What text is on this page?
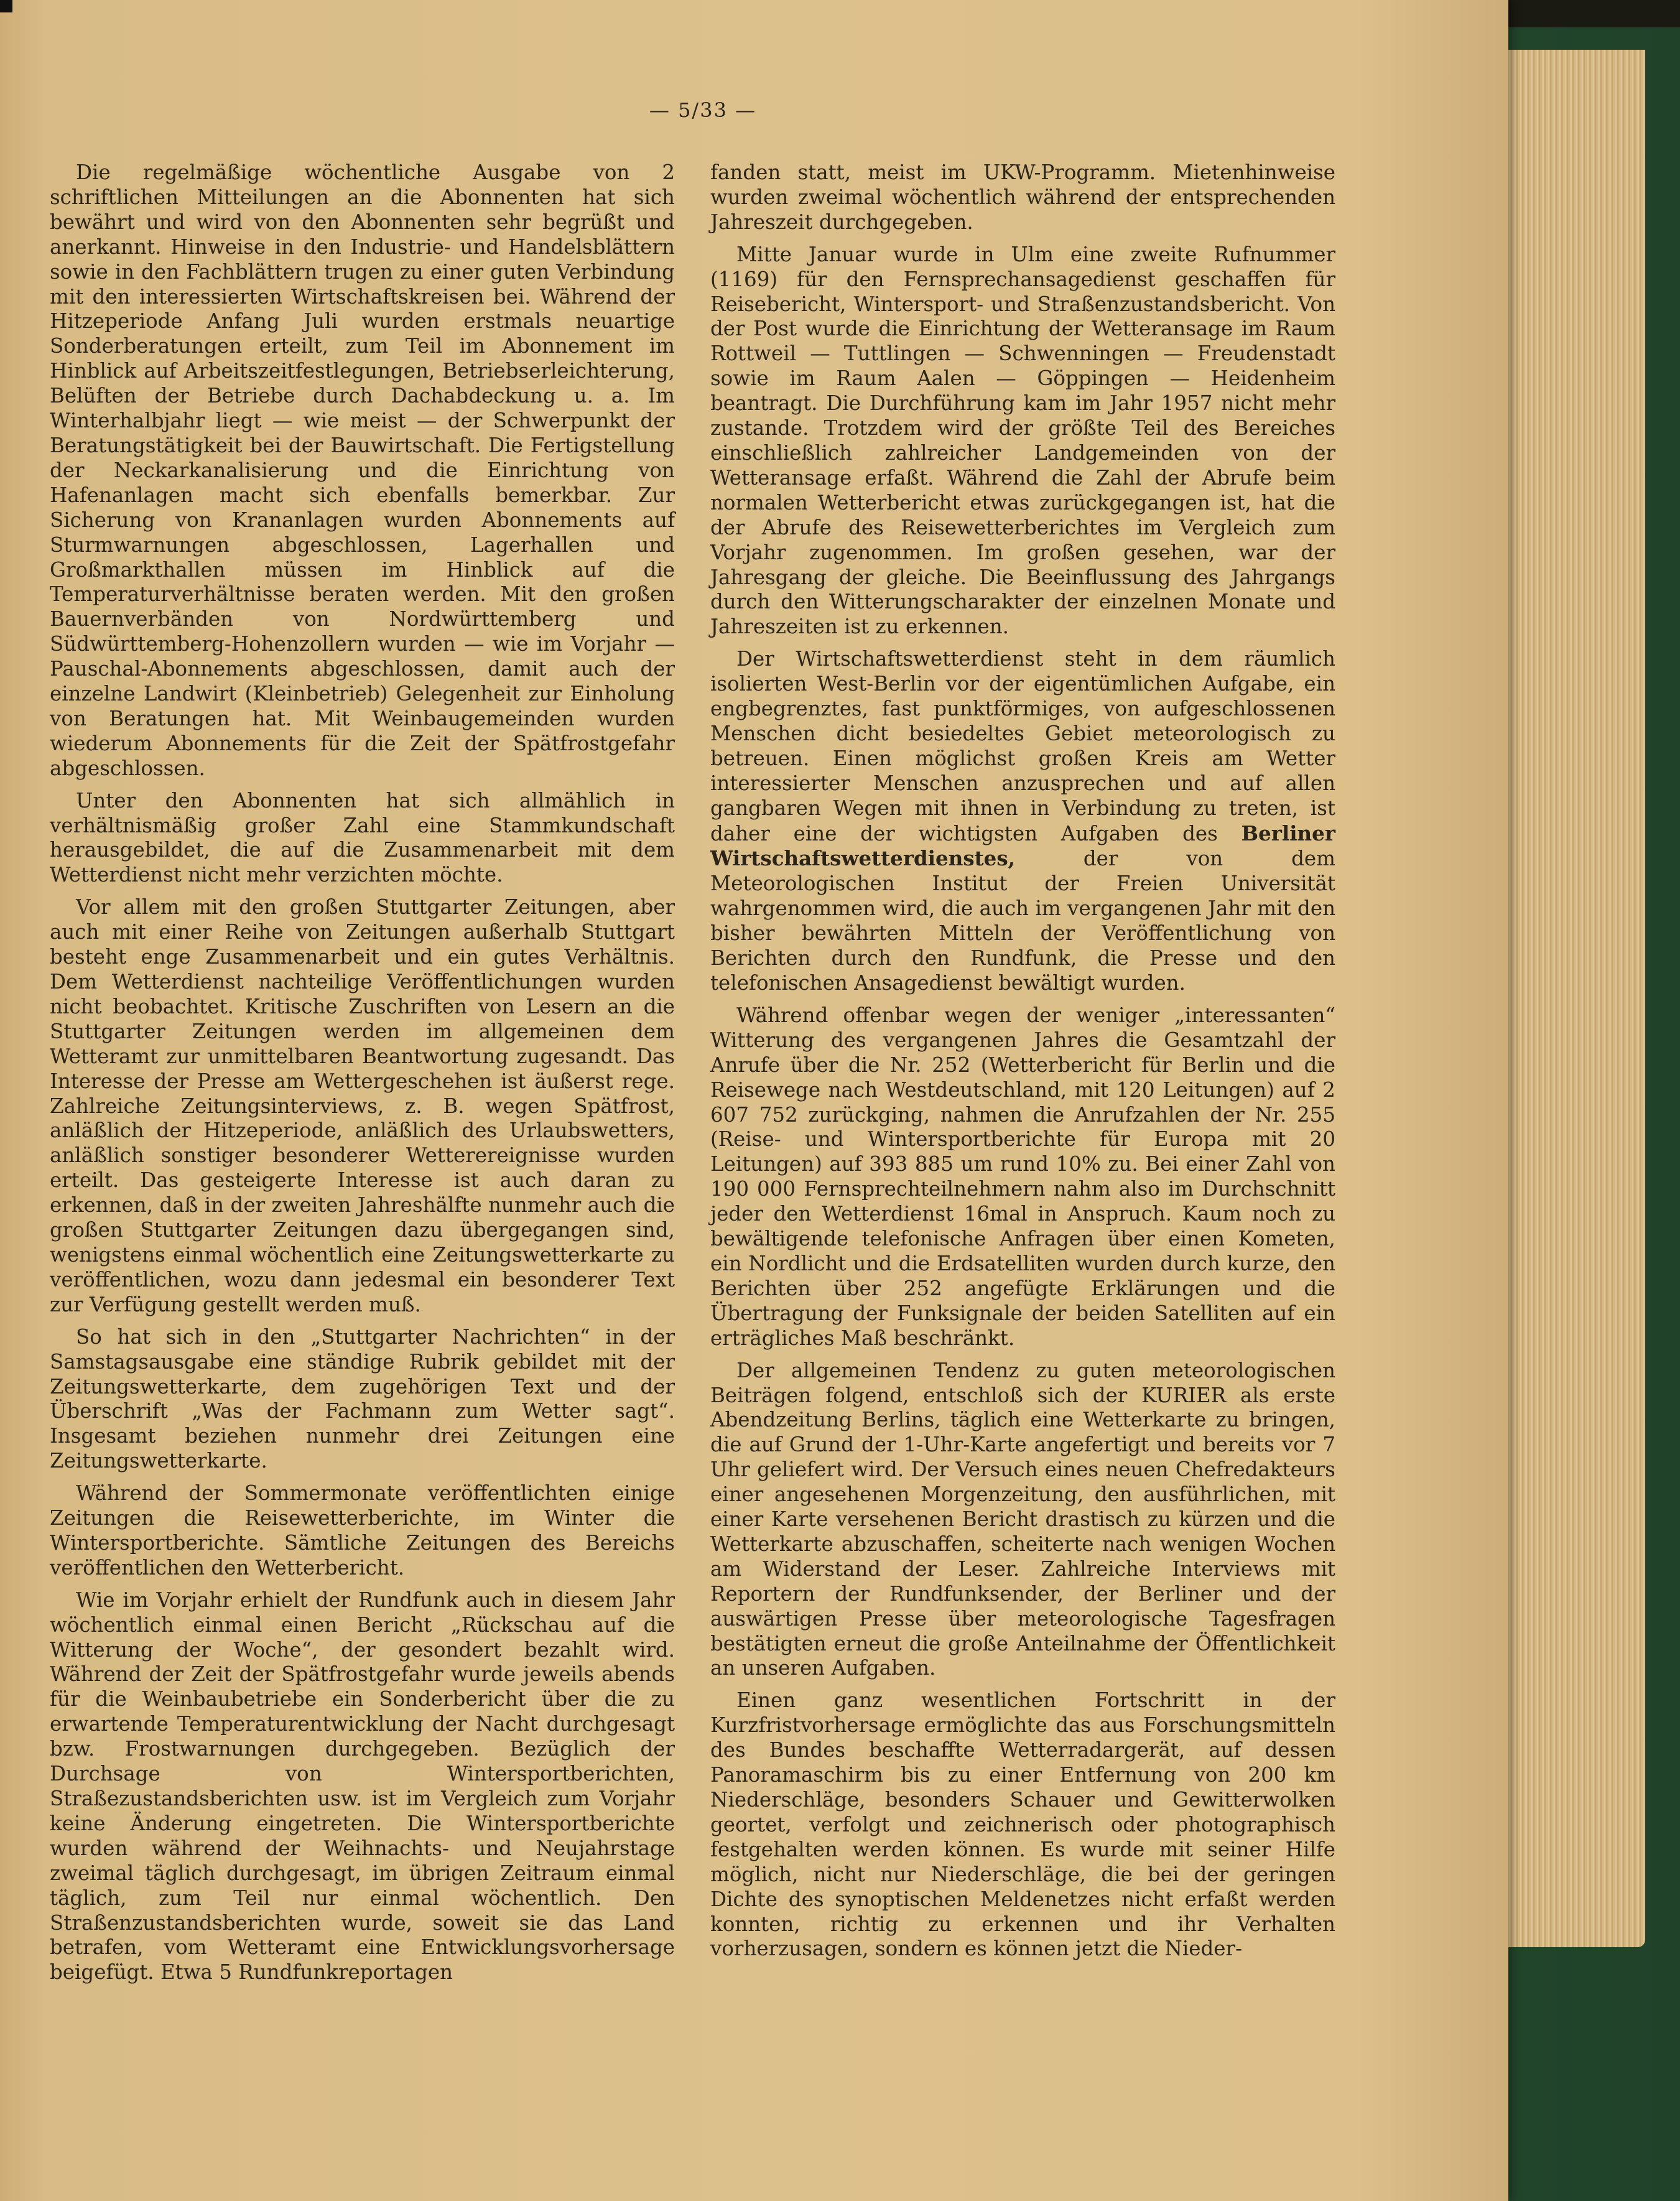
— 5/33 —

Die regelmäßige wöchentliche Ausgabe von 2 schriftlichen Mitteilungen an die Abonnenten hat sich bewährt und wird von den Abonnenten sehr begrüßt und anerkannt. Hinweise in den Industrie- und Handelsblättern sowie in den Fachblättern trugen zu einer guten Verbindung mit den interessierten Wirtschaftskreisen bei. Während der Hitzeperiode Anfang Juli wurden erstmals neuartige Sonderberatungen erteilt, zum Teil im Abonnement im Hinblick auf Arbeitszeitfestlegungen, Betriebserleichterung, Belüften der Betriebe durch Dachabdeckung u. a. Im Winterhalbjahr liegt — wie meist — der Schwerpunkt der Beratungstätigkeit bei der Bauwirtschaft. Die Fertigstellung der Neckarkanalisierung und die Einrichtung von Hafenanlagen macht sich ebenfalls bemerkbar. Zur Sicherung von Krananlagen wurden Abonnements auf Sturmwarnungen abgeschlossen, Lagerhallen und Großmarkthallen müssen im Hinblick auf die Temperaturverhältnisse beraten werden. Mit den großen Bauernverbänden von Nordwürttemberg und Südwürttemberg-Hohenzollern wurden — wie im Vorjahr — Pauschal-Abonnements abgeschlossen, damit auch der einzelne Landwirt (Kleinbetrieb) Gelegenheit zur Einholung von Beratungen hat. Mit Weinbaugemeinden wurden wiederum Abonnements für die Zeit der Spätfrostgefahr abgeschlossen.

Unter den Abonnenten hat sich allmählich in verhältnismäßig großer Zahl eine Stammkundschaft herausgebildet, die auf die Zusammenarbeit mit dem Wetterdienst nicht mehr verzichten möchte.

Vor allem mit den großen Stuttgarter Zeitungen, aber auch mit einer Reihe von Zeitungen außerhalb Stuttgart besteht enge Zusammenarbeit und ein gutes Verhältnis. Dem Wetterdienst nachteilige Veröffentlichungen wurden nicht beobachtet. Kritische Zuschriften von Lesern an die Stuttgarter Zeitungen werden im allgemeinen dem Wetteramt zur unmittelbaren Beantwortung zugesandt. Das Interesse der Presse am Wettergeschehen ist äußerst rege. Zahlreiche Zeitungsinterviews, z. B. wegen Spätfrost, anläßlich der Hitzeperiode, anläßlich des Urlaubswetters, anläßlich sonstiger besonderer Wetterereignisse wurden erteilt. Das gesteigerte Interesse ist auch daran zu erkennen, daß in der zweiten Jahreshälfte nunmehr auch die großen Stuttgarter Zeitungen dazu übergegangen sind, wenigstens einmal wöchentlich eine Zeitungswetterkarte zu veröffentlichen, wozu dann jedesmal ein besonderer Text zur Verfügung gestellt werden muß.

So hat sich in den „Stuttgarter Nachrichten“ in der Samstagsausgabe eine ständige Rubrik gebildet mit der Zeitungswetterkarte, dem zugehörigen Text und der Überschrift „Was der Fachmann zum Wetter sagt“. Insgesamt beziehen nunmehr drei Zeitungen eine Zeitungswetterkarte.

Während der Sommermonate veröffentlichten einige Zeitungen die Reisewetterberichte, im Winter die Wintersportberichte. Sämtliche Zeitungen des Bereichs veröffentlichen den Wetterbericht.

Wie im Vorjahr erhielt der Rundfunk auch in diesem Jahr wöchentlich einmal einen Bericht „Rückschau auf die Witterung der Woche“, der gesondert bezahlt wird. Während der Zeit der Spätfrostgefahr wurde jeweils abends für die Weinbaubetriebe ein Sonderbericht über die zu erwartende Temperaturentwicklung der Nacht durchgesagt bzw. Frostwarnungen durchgegeben. Bezüglich der Durchsage von Wintersportberichten, Straßezustandsberichten usw. ist im Vergleich zum Vorjahr keine Änderung eingetreten. Die Wintersportberichte wurden während der Weihnachts- und Neujahrstage zweimal täglich durchgesagt, im übrigen Zeitraum einmal täglich, zum Teil nur einmal wöchentlich. Den Straßenzustandsberichten wurde, soweit sie das Land betrafen, vom Wetteramt eine Entwicklungsvorhersage beigefügt. Etwa 5 Rundfunkreportagen

fanden statt, meist im UKW-Programm. Mietenhinweise wurden zweimal wöchentlich während der entsprechenden Jahreszeit durchgegeben.

Mitte Januar wurde in Ulm eine zweite Rufnummer (1169) für den Fernsprechansagedienst geschaffen für Reisebericht, Wintersport- und Straßenzustandsbericht. Von der Post wurde die Einrichtung der Wetteransage im Raum Rottweil — Tuttlingen — Schwenningen — Freudenstadt sowie im Raum Aalen — Göppingen — Heidenheim beantragt. Die Durchführung kam im Jahr 1957 nicht mehr zustande. Trotzdem wird der größte Teil des Bereiches einschließlich zahlreicher Landgemeinden von der Wetteransage erfaßt. Während die Zahl der Abrufe beim normalen Wetterbericht etwas zurückgegangen ist, hat die der Abrufe des Reisewetterberichtes im Vergleich zum Vorjahr zugenommen. Im großen gesehen, war der Jahresgang der gleiche. Die Beeinflussung des Jahrgangs durch den Witterungscharakter der einzelnen Monate und Jahreszeiten ist zu erkennen.

Der Wirtschaftswetterdienst steht in dem räumlich isolierten West-Berlin vor der eigentümlichen Aufgabe, ein engbegrenztes, fast punktförmiges, von aufgeschlossenen Menschen dicht besiedeltes Gebiet meteorologisch zu betreuen. Einen möglichst großen Kreis am Wetter interessierter Menschen anzusprechen und auf allen gangbaren Wegen mit ihnen in Verbindung zu treten, ist daher eine der wichtigsten Aufgaben des Berliner Wirtschaftswetterdienstes,	der von dem Meteorologischen Institut der Freien Universität wahrgenommen wird, die auch im vergangenen Jahr mit den bisher bewährten Mitteln der Veröffentlichung von Berichten durch den Rundfunk, die Presse und den telefonischen Ansagedienst bewältigt wurden.

Während offenbar wegen der weniger „interessanten“ Witterung des vergangenen Jahres die Gesamtzahl der Anrufe über die Nr. 252 (Wetterbericht für Berlin und die Reisewege nach Westdeutschland, mit 120 Leitungen) auf 2 607 752 zurückging, nahmen die Anrufzahlen der Nr. 255 (Reise- und Wintersportberichte für Europa mit 20 Leitungen) auf 393 885 um rund 10% zu. Bei einer Zahl von 190 000 Fernsprechteilnehmern nahm also im Durchschnitt jeder den Wetterdienst 16mal in Anspruch. Kaum noch zu bewältigende telefonische Anfragen über einen Kometen, ein Nordlicht und die Erdsatelliten wurden durch kurze, den Berichten über 252 angefügte Erklärungen und die Übertragung der Funksignale der beiden Satelliten auf ein erträgliches Maß beschränkt.

Der allgemeinen Tendenz zu guten meteorologischen Beiträgen folgend, entschloß sich der KURIER als erste Abendzeitung Berlins, täglich eine Wetterkarte zu bringen, die auf Grund der 1-Uhr-Karte angefertigt und bereits vor 7 Uhr geliefert wird. Der Versuch eines neuen Chefredakteurs einer angesehenen Morgenzeitung, den ausführlichen, mit einer Karte versehenen Bericht drastisch zu kürzen und die Wetterkarte abzuschaffen, scheiterte nach wenigen Wochen am Widerstand der Leser. Zahlreiche Interviews mit Reportern der Rundfunksender, der Berliner und der auswärtigen Presse über meteorologische Tagesfragen bestätigten erneut die große Anteilnahme der Öffentlichkeit an unseren Aufgaben.

Einen ganz wesentlichen Fortschritt in der Kurzfristvorhersage ermöglichte das aus Forschungsmitteln des Bundes beschaffte Wetterradargerät, auf dessen Panoramaschirm bis zu einer Entfernung von 200 km Niederschläge, besonders Schauer und Gewitterwolken geortet, verfolgt und zeichnerisch oder photographisch festgehalten werden können. Es wurde mit seiner Hilfe möglich, nicht nur Niederschläge, die bei der geringen Dichte des synoptischen Meldenetzes nicht erfaßt werden konnten, richtig zu erkennen und ihr Verhalten vorherzusagen, sondern es können jetzt die Nieder-
